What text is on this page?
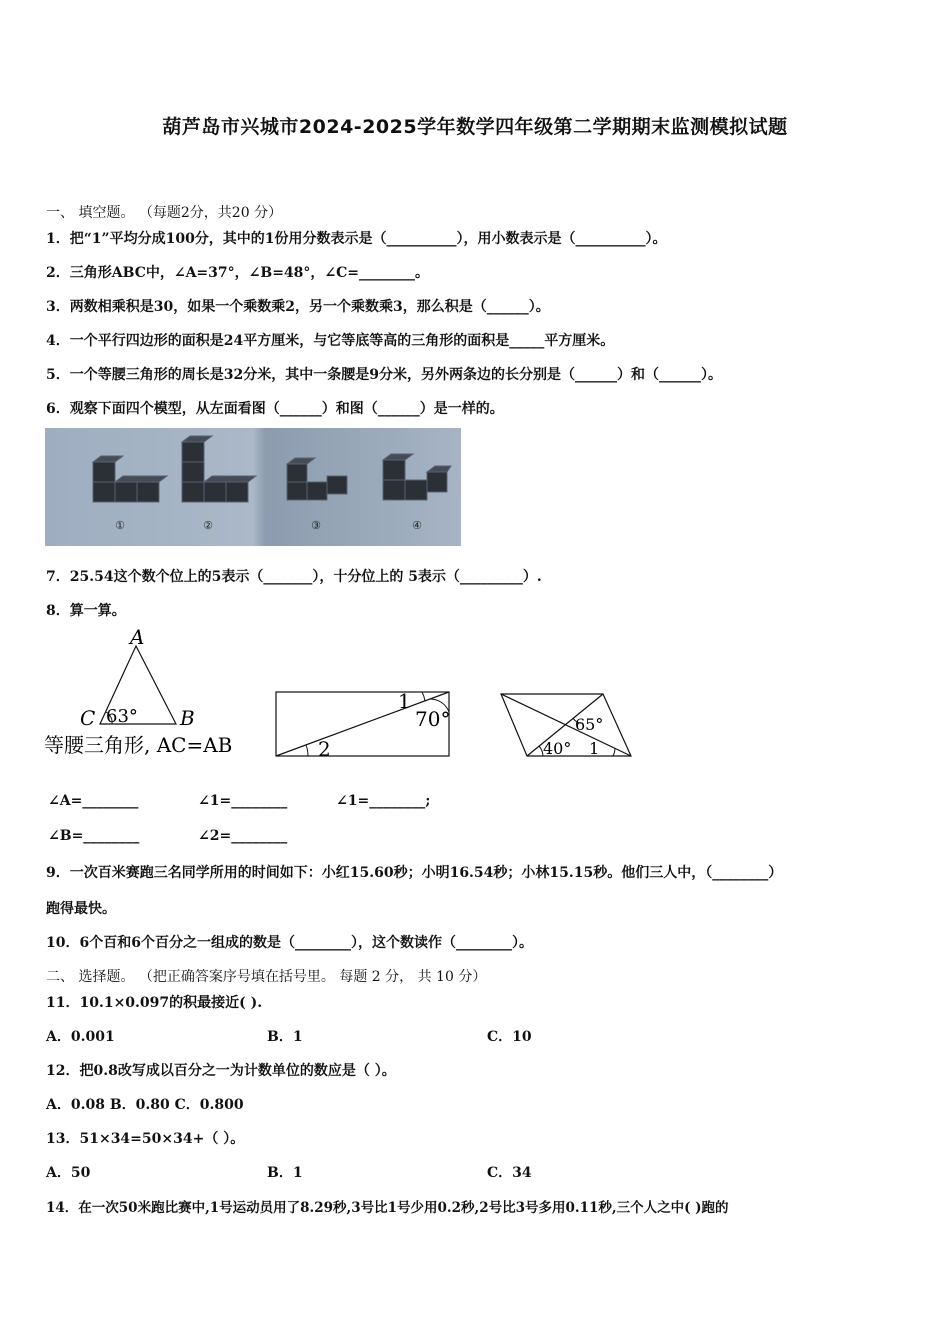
葫芦岛市兴城市2024-2025学年数学四年级第二学期期末监测模拟试题
一、 填空题。 （每题2分，共20 分）
1．把“1”平均分成100分，其中的1份用分数表示是（__________），用小数表示是（__________）。
2．三角形ABC中，∠A=37°，∠B=48°，∠C=________。
3．两数相乘积是30，如果一个乘数乘2，另一个乘数乘3，那么积是（______）。
4．一个平行四边形的面积是24平方厘米，与它等底等高的三角形的面积是_____平方厘米。
5．一个等腰三角形的周长是32分米，其中一条腰是9分米，另外两条边的长分别是（______）和（______）。
6．观察下面四个模型，从左面看图（______）和图（______）是一样的。
①	②	③	④
7．25.54这个数个位上的5表示（_______），十分位上的 5表示（_________）.
8．算一算。
A
C	B
63°
等腰三角形, AC=AB
1
70°
2
65°
40° 1
∠A=________	∠1=________	∠1=________;
∠B=________	∠2=________
9．一次百米赛跑三名同学所用的时间如下：小红15.60秒；小明16.54秒；小林15.15秒。他们三人中，（________）
跑得最快。
10．6个百和6个百分之一组成的数是（________），这个数读作（________）。
二、 选择题。 （把正确答案序号填在括号里。 每题 2 分， 共 10 分）
11．10.1×0.097的积最接近( ).
A．0.001	B．1	C．10
12．把0.8改写成以百分之一为计数单位的数应是（ ）。
A．0.08 B．0.80 C．0.800
13．51×34=50×34+（ ）。
A．50	B．1	C．34
14．在一次50米跑比赛中,1号运动员用了8.29秒,3号比1号少用0.2秒,2号比3号多用0.11秒,三个人之中( )跑的
